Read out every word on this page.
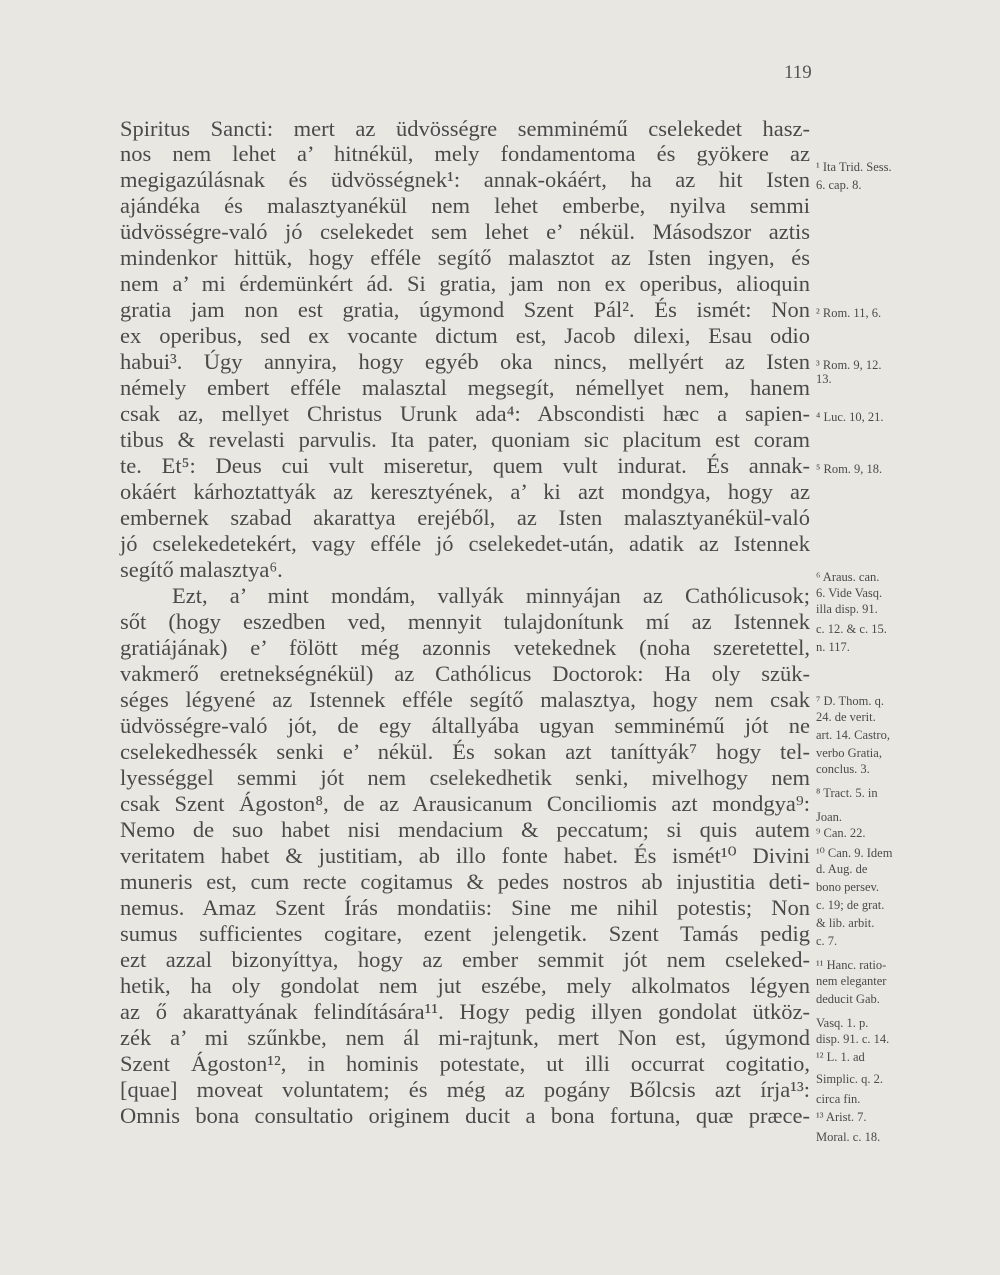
119
Spiritus Sancti: mert az üdvösségre semminémű cselekedet hasz-
nos nem lehet a’ hitnékül, mely fondamentoma és gyökere az
megigazúlásnak és üdvösségnek¹: annak-okáért, ha az hit Isten
ajándéka és malasztyanékül nem lehet emberbe, nyilva semmi
üdvösségre-való jó cselekedet sem lehet e’ nékül. Másodszor aztis
mindenkor hittük, hogy efféle segítő malasztot az Isten ingyen, és
nem a’ mi érdemünkért ád. Si gratia, jam non ex operibus, alioquin
gratia jam non est gratia, úgymond Szent Pál². És ismét: Non
ex operibus, sed ex vocante dictum est, Jacob dilexi, Esau odio
habui³. Úgy annyira, hogy egyéb oka nincs, mellyért az Isten
némely embert efféle malasztal megsegít, némellyet nem, hanem
csak az, mellyet Christus Urunk ada⁴: Abscondisti hæc a sapien-
tibus & revelasti parvulis. Ita pater, quoniam sic placitum est coram
te. Et⁵: Deus cui vult miseretur, quem vult indurat. És annak-
okáért kárhoztattyák az keresztyének, a’ ki azt mondgya, hogy az
embernek szabad akarattya erejéből, az Isten malasztyanékül-való
jó cselekedetekért, vagy efféle jó cselekedet-után, adatik az Istennek
segítő malasztya⁶.
Ezt, a’ mint mondám, vallyák minnyájan az Cathólicusok;
sőt (hogy eszedben ved, mennyit tulajdonítunk mí az Istennek
gratiájának) e’ fölött még azonnis vetekednek (noha szeretettel,
vakmerő eretnekségnékül) az Cathólicus Doctorok: Ha oly szük-
séges légyené az Istennek efféle segítő malasztya, hogy nem csak
üdvösségre-való jót, de egy általlyába ugyan semminémű jót ne
cselekedhessék senki e’ nékül. És sokan azt taníttyák⁷ hogy tel-
lyességgel semmi jót nem cselekedhetik senki, mivelhogy nem
csak Szent Ágoston⁸, de az Arausicanum Conciliomis azt mondgya⁹:
Nemo de suo habet nisi mendacium & peccatum; si quis autem
veritatem habet & justitiam, ab illo fonte habet. És ismét¹⁰ Divini
muneris est, cum recte cogitamus & pedes nostros ab injustitia deti-
nemus. Amaz Szent Írás mondatiis: Sine me nihil potestis; Non
sumus sufficientes cogitare, ezent jelengetik. Szent Tamás pedig
ezt azzal bizonyíttya, hogy az ember semmit jót nem cseleked-
hetik, ha oly gondolat nem jut eszébe, mely alkolmatos légyen
az ő akarattyának felindítására¹¹. Hogy pedig illyen gondolat ütköz-
zék a’ mi szűnkbe, nem ál mi-rajtunk, mert Non est, úgymond
Szent Ágoston¹², in hominis potestate, ut illi occurrat cogitatio,
[quae] moveat voluntatem; és még az pogány Bőlcsis azt írja¹³:
Omnis bona consultatio originem ducit a bona fortuna, quæ præce-
¹ Ita Trid. Sess.
6. cap. 8.
² Rom. 11, 6.
³ Rom. 9, 12.
13.
⁴ Luc. 10, 21.
⁵ Rom. 9, 18.
⁶ Araus. can.
6. Vide Vasq.
illa disp. 91.
c. 12. & c. 15.
n. 117.
⁷ D. Thom. q.
24. de verit.
art. 14. Castro,
verbo Gratia,
conclus. 3.
⁸ Tract. 5. in
Joan.
⁹ Can. 22.
¹⁰ Can. 9. Idem
d. Aug. de
bono persev.
c. 19; de grat.
& lib. arbit.
c. 7.
¹¹ Hanc. ratio-
nem eleganter
deducit Gab.
Vasq. 1. p.
disp. 91. c. 14.
¹² L. 1. ad
Simplic. q. 2.
circa fin.
¹³ Arist. 7.
Moral. c. 18.
